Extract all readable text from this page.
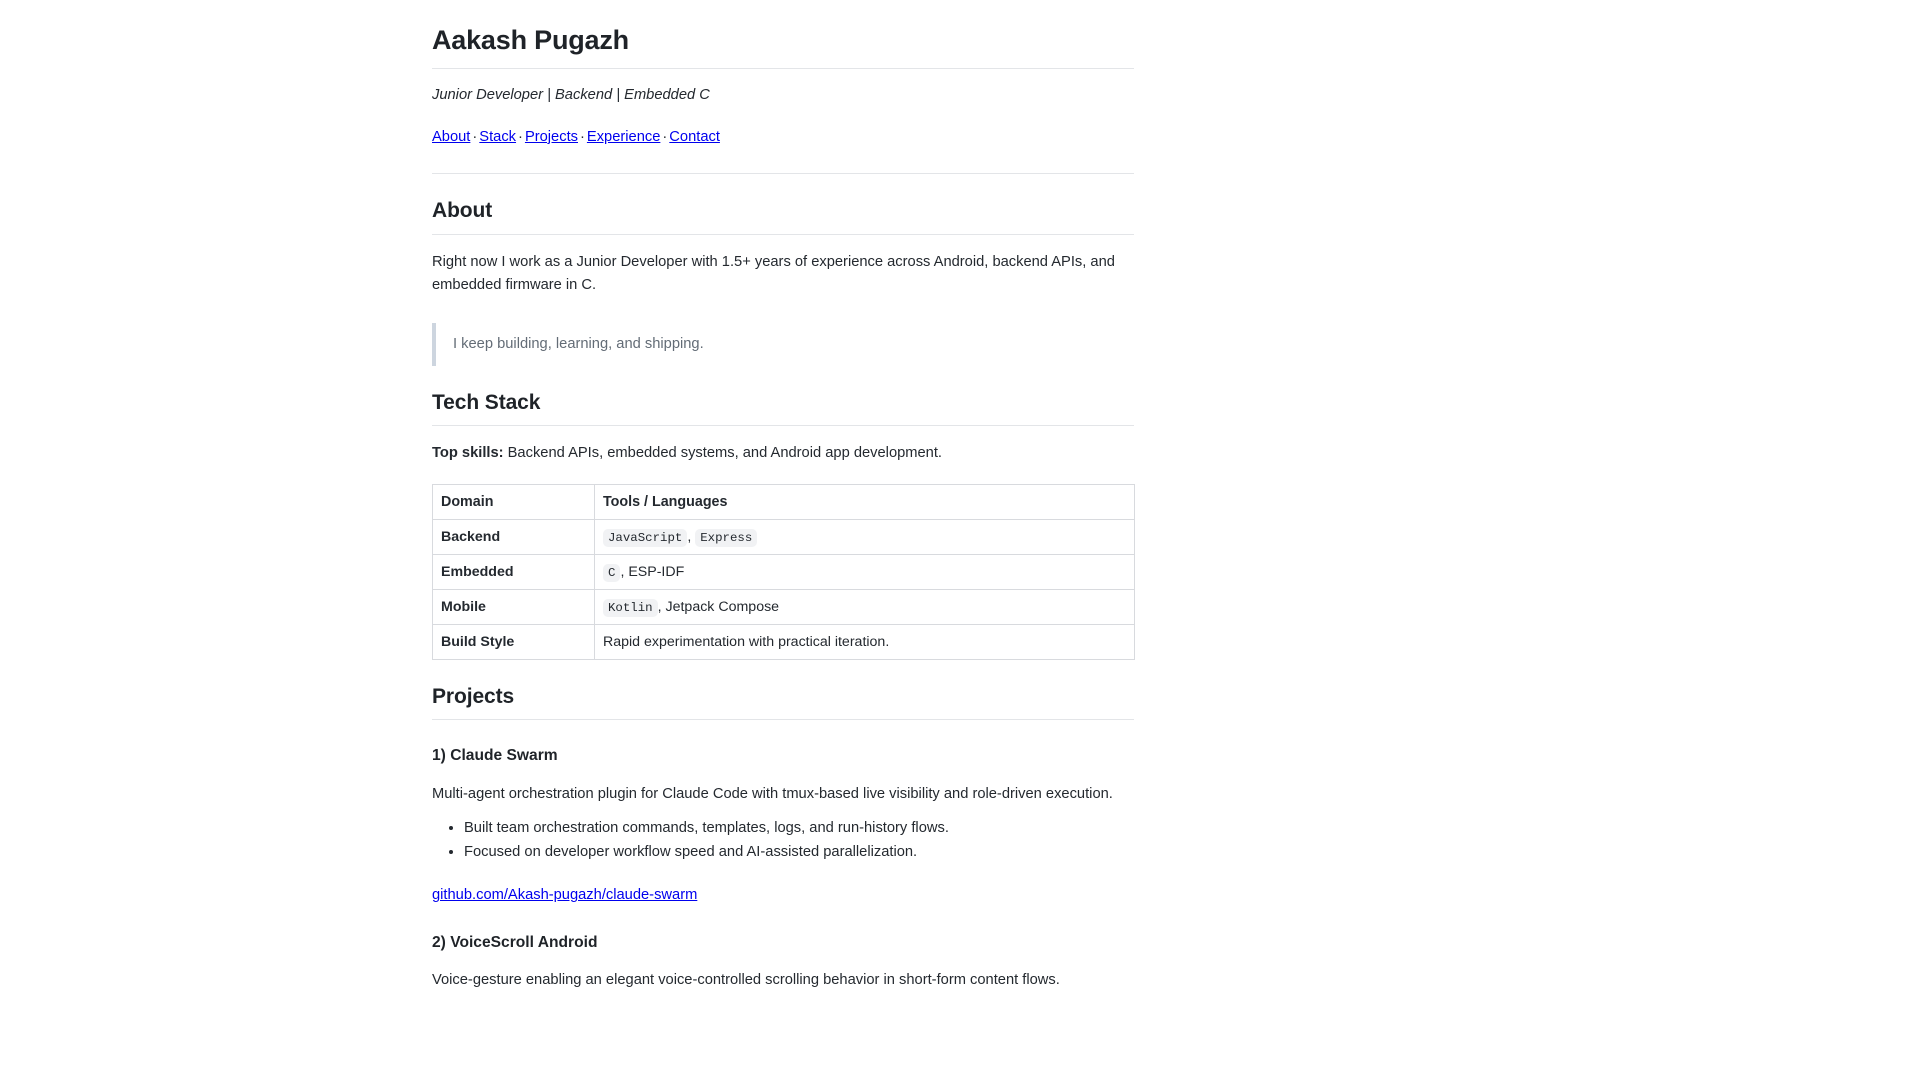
Aakash Pugazh

Junior Developer | Backend | Embedded C

About · Stack · Projects · Experience · Contact
About

Right now I work as a Junior Developer with 1.5+ years of experience across Android, backend APIs, and embedded firmware in C.

I keep building, learning, and shipping.

Tech Stack

Top skills: Backend APIs, embedded systems, and Android app development.

Domain	Tools / Languages
Backend	JavaScript , Express
Embedded	C , ESP-IDF
Mobile	Kotlin , Jetpack Compose
Build Style	Rapid experimentation with practical iteration.
Projects
1) Claude Swarm

Multi-agent orchestration plugin for Claude Code with tmux-based live visibility and role-driven execution.

• Built team orchestration commands, templates, logs, and run-history flows.
• Focused on developer workflow speed and AI-assisted parallelization.

github.com/Akash-pugazh/claude-swarm

2) VoiceScroll Android

Voice-gesture enabling an elegant voice-controlled scrolling behavior in short-form content flows.
